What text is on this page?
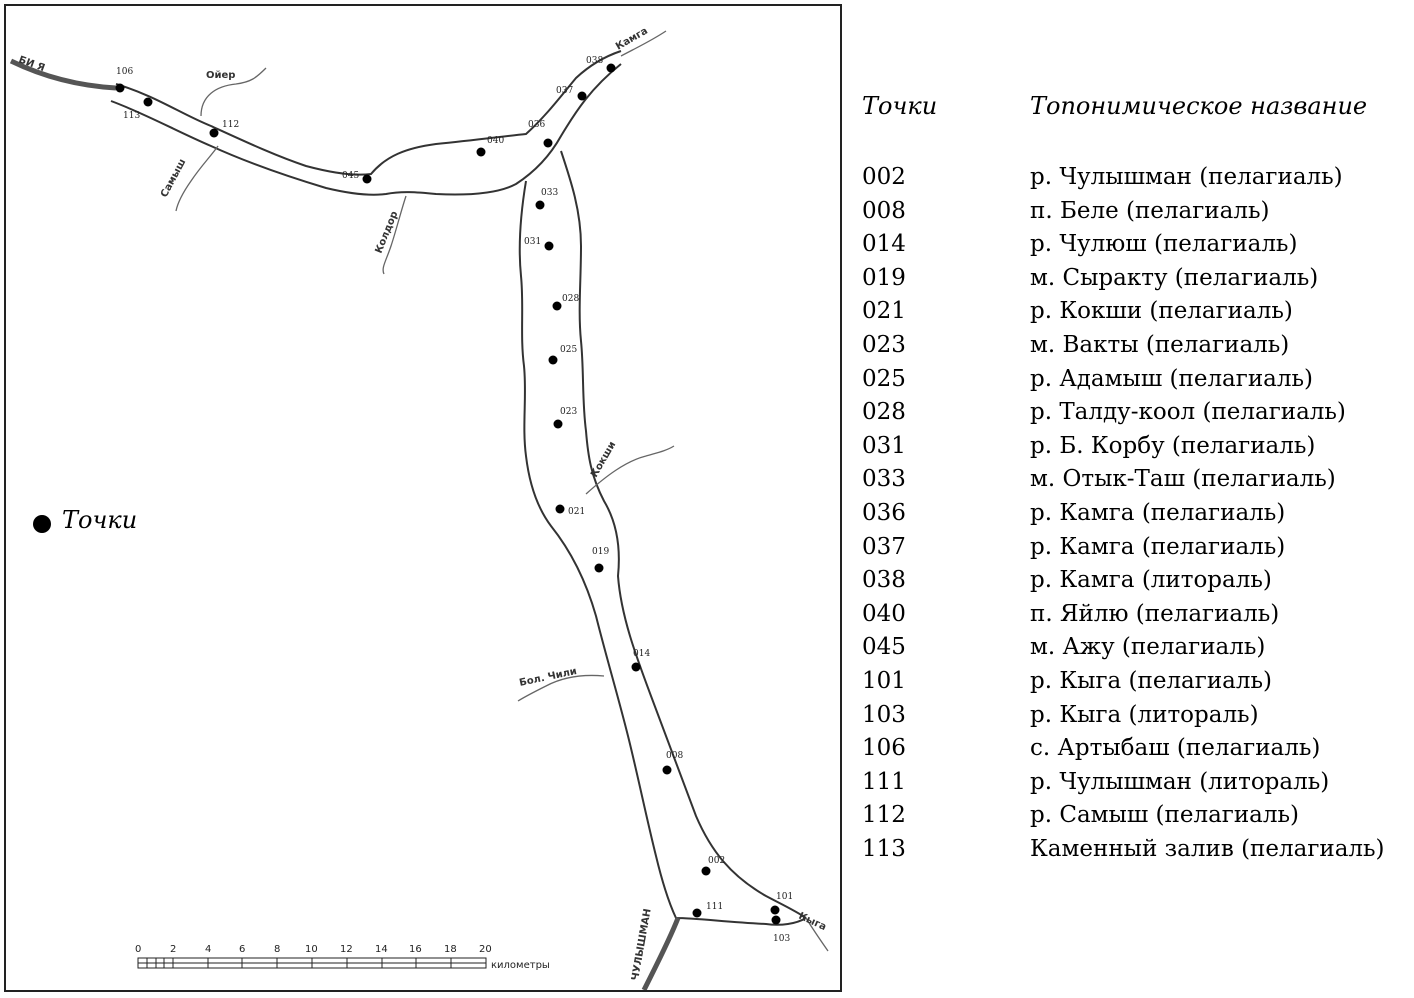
БИ Я
Ойер
Самыш
Колдор
Камга
Кокши
Бол. Чили
ЧУЛЫШМАН	Кыга
106
113
112
045
040
036
037
038
033
031
028
025
023
021
019
014
008
002
111
101
103
0	2	4	6	8 10 12 14 16 18 20
километры
Точки
Точки	Топонимическое название
002	р. Чулышман (пелагиаль)
008	п. Беле (пелагиаль)
014	р. Чулюш (пелагиаль)
019	м. Сыракту (пелагиаль)
021	р. Кокши (пелагиаль)
023	м. Вакты (пелагиаль)
025	р. Адамыш (пелагиаль)
028	р. Талду-коол (пелагиаль)
031	р. Б. Корбу (пелагиаль)
033	м. Отык-Таш (пелагиаль)
036	р. Камга (пелагиаль)
037	р. Камга (пелагиаль)
038	р. Камга (литораль)
040	п. Яйлю (пелагиаль)
045	м. Ажу (пелагиаль)
101	р. Кыга (пелагиаль)
103	р. Кыга (литораль)
106	с. Артыбаш (пелагиаль)
111	р. Чулышман (литораль)
112	р. Самыш (пелагиаль)
113	Каменный залив (пелагиаль)
